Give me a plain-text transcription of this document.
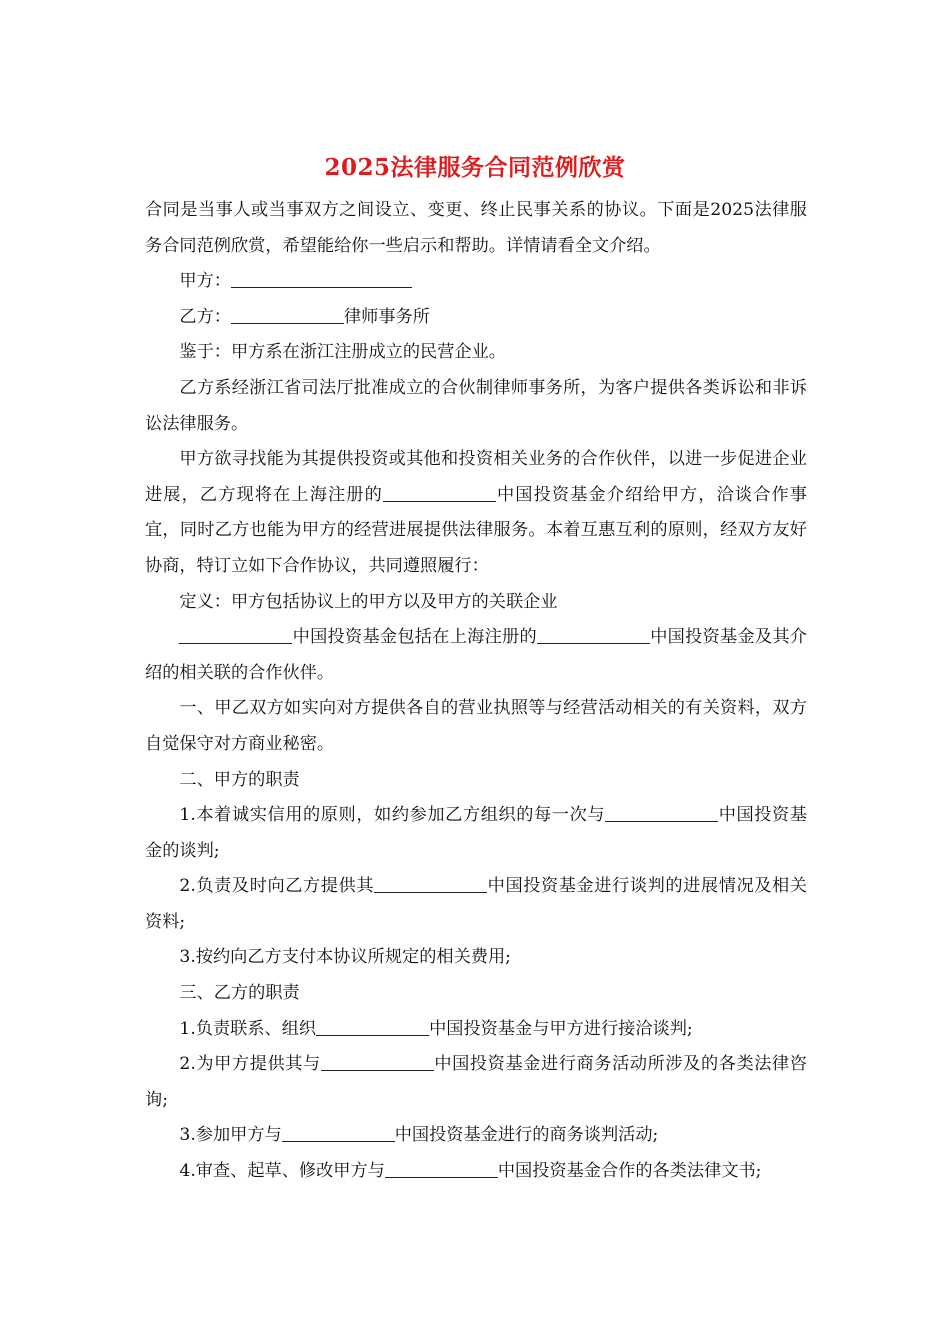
2025法律服务合同范例欣赏

合同是当事人或当事双方之间设立、变更、终止民事关系的协议。下面是2025法律服务合同范例欣赏，希望能给你一些启示和帮助。详情请看全文介绍。

甲方：

乙方：	律师事务所

鉴于：甲方系在浙江注册成立的民营企业。

乙方系经浙江省司法厅批准成立的合伙制律师事务所，为客户提供各类诉讼和非诉讼法律服务。

甲方欲寻找能为其提供投资或其他和投资相关业务的合作伙伴，以进一步促进企业进展，乙方现将在上海注册的	中国投资基金介绍给甲方，洽谈合作事宜，同时乙方也能为甲方的经营进展提供法律服务。本着互惠互利的原则，经双方友好协商，特订立如下合作协议，共同遵照履行：

定义：甲方包括协议上的甲方以及甲方的关联企业

中国投资基金包括在上海注册的	中国投资基金及其介绍的相关联的合作伙伴。

一、甲乙双方如实向对方提供各自的营业执照等与经营活动相关的有关资料，双方自觉保守对方商业秘密。

二、甲方的职责

1.本着诚实信用的原则，如约参加乙方组织的每一次与	中国投资基金的谈判;

2.负责及时向乙方提供其	中国投资基金进行谈判的进展情况及相关资料;

3.按约向乙方支付本协议所规定的相关费用;

三、乙方的职责

1.负责联系、组织	中国投资基金与甲方进行接洽谈判;

2.为甲方提供其与	中国投资基金进行商务活动所涉及的各类法律咨询;

3.参加甲方与	中国投资基金进行的商务谈判活动;

4.审查、起草、修改甲方与	中国投资基金合作的各类法律文书;
